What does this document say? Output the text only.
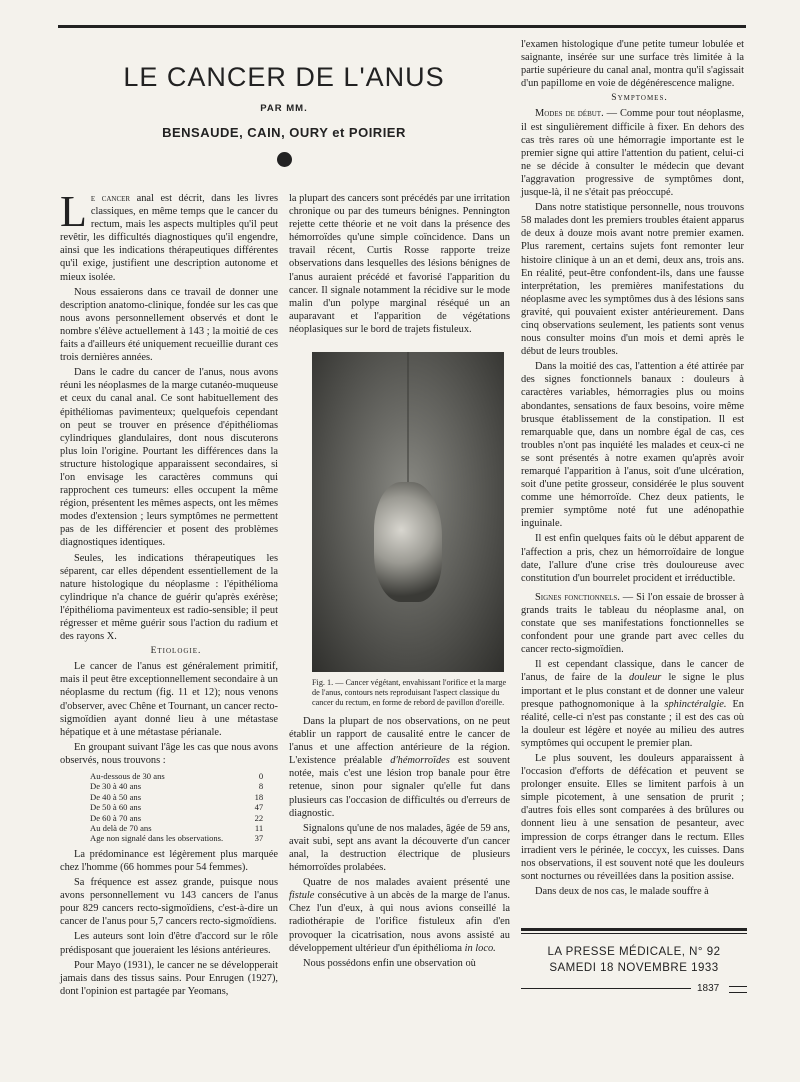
LE CANCER DE L'ANUS
PAR MM.
BENSAUDE, CAIN, OURY et POIRIER

Le cancer anal est décrit, dans les livres classiques, en même temps que le cancer du rectum, mais les aspects multiples qu'il peut revêtir, les difficultés diagnostiques qu'il engendre, ainsi que les indications thérapeutiques différentes qu'il exige, justifient une description autonome et mieux isolée.

Nous essaierons dans ce travail de donner une description anatomo-clinique, fondée sur les cas que nous avons personnellement observés et dont le nombre s'élève actuellement à 143 ; la moitié de ces faits a d'ailleurs été uniquement recueillie durant ces trois dernières années.

Dans le cadre du cancer de l'anus, nous avons réuni les néoplasmes de la marge cutanéo-muqueuse et ceux du canal anal. Ce sont habituellement des épithéliomas pavimenteux; quelquefois cependant on peut se trouver en présence d'épithéliomas cylindriques glandulaires, dont nous discuterons plus loin l'origine. Pourtant les différences dans la structure histologique apparaissent secondaires, si l'on envisage les caractères communs qui rapprochent ces tumeurs: elles occupent la même région, présentent les mêmes aspects, ont les mêmes modes d'extension ; leurs symptômes ne permettent pas de les différencier et posent des problèmes diagnostiques identiques.

Seules, les indications thérapeutiques les séparent, car elles dépendent essentiellement de la nature histologique du néoplasme : l'épithélioma cylindrique n'a chance de guérir qu'après exérèse; l'épithélioma pavimenteux est radio-sensible; il peut régresser et même guérir sous l'action du radium et des rayons X.

Etiologie.

Le cancer de l'anus est généralement primitif, mais il peut être exceptionnellement secondaire à un néoplasme du rectum (fig. 11 et 12); nous venons d'observer, avec Chêne et Tournant, un cancer recto-sigmoïdien ayant donné lieu à une métastase hépatique et à une métastase périanale.

En groupant suivant l'âge les cas que nous avons observés, nous trouvons :

Au-dessous de 30 ans	0
De 30 à 40 ans	8
De 40 à 50 ans	18
De 50 à 60 ans	47
De 60 à 70 ans	22
Au delà de 70 ans	11
Age non signalé dans les observations.	37

La prédominance est légèrement plus marquée chez l'homme (66 hommes pour 54 femmes).

Sa fréquence est assez grande, puisque nous avons personnellement vu 143 cancers de l'anus pour 829 cancers recto-sigmoïdiens, c'est-à-dire un cancer de l'anus pour 5,7 cancers recto-sigmoïdiens.

Les auteurs sont loin d'être d'accord sur le rôle prédisposant que joueraient les lésions antérieures.

Pour Mayo (1931), le cancer ne se développerait jamais dans des tissus sains. Pour Enrugen (1927), dont l'opinion est partagée par Yeomans,

la plupart des cancers sont précédés par une irritation chronique ou par des tumeurs bénignes. Pennington rejette cette théorie et ne voit dans la présence des hémorroïdes qu'une simple coïncidence. Dans un travail récent, Curtis Rosse rapporte treize observations dans lesquelles des lésions bénignes de l'anus auraient précédé et favorisé l'apparition du cancer. Il signale notamment la récidive sur le mode malin d'un polype marginal réséqué un an auparavant et l'apparition de végétations néoplasiques sur le bord de trajets fistuleux.

Fig. 1. — Cancer végétant, envahissant l'orifice et la marge de l'anus, contours nets reproduisant l'aspect classique du cancer du rectum, en forme de rebord de pavillon d'oreille.

Dans la plupart de nos observations, on ne peut établir un rapport de causalité entre le cancer de l'anus et une affection antérieure de la région. L'existence préalable d'hémorroïdes est souvent notée, mais c'est une lésion trop banale pour être retenue, sinon pour signaler qu'elle fut dans plusieurs cas l'occasion de difficultés ou d'erreurs de diagnostic.

Signalons qu'une de nos malades, âgée de 59 ans, avait subi, sept ans avant la découverte d'un cancer anal, la destruction électrique de plusieurs hémorroïdes prolabées.

Quatre de nos malades avaient présenté une fistule consécutive à un abcès de la marge de l'anus. Chez l'un d'eux, à qui nous avions conseillé la radiothérapie de l'orifice fistuleux afin d'en provoquer la cicatrisation, nous avons assisté au développement ultérieur d'un épithélioma in loco.

Nous possédons enfin une observation où

l'examen histologique d'une petite tumeur lobulée et saignante, insérée sur une surface très limitée à la partie supérieure du canal anal, montra qu'il s'agissait d'un papillome en voie de dégénérescence maligne.

Symptomes.

Modes de début. — Comme pour tout néoplasme, il est singulièrement difficile à fixer. En dehors des cas très rares où une hémorragie importante est le premier signe qui attire l'attention du patient, celui-ci ne se décide à consulter le médecin que devant l'aggravation progressive de symptômes dont, jusque-là, il ne s'était pas préoccupé.

Dans notre statistique personnelle, nous trouvons 58 malades dont les premiers troubles étaient apparus de deux à douze mois avant notre premier examen. Plus rarement, certains sujets font remonter leur histoire clinique à un an et demi, deux ans, trois ans. En réalité, peut-être confondent-ils, dans une fausse interprétation, les premières manifestations du néoplasme avec les symptômes dus à des lésions sans gravité, qui pouvaient exister antérieurement. Dans cinq observations seulement, les patients sont venus nous consulter moins d'un mois et demi après le début de leurs troubles.

Dans la moitié des cas, l'attention a été attirée par des signes fonctionnels banaux : douleurs à caractères variables, hémorragies plus ou moins abondantes, sensations de faux besoins, voire même brusque établissement de la constipation. Il est remarquable que, dans un nombre égal de cas, ces troubles n'ont pas inquiété les malades et ceux-ci ne se sont présentés à notre examen qu'après avoir remarqué l'apparition à l'anus, soit d'une ulcération, soit d'une petite grosseur, considérée le plus souvent comme une hémorroïde. Chez deux patients, le premier symptôme noté fut une adénopathie inguinale.

Il est enfin quelques faits où le début apparent de l'affection a pris, chez un hémorroïdaire de longue date, l'allure d'une crise très douloureuse avec constitution d'un bourrelet procident et irréductible.

Signes fonctionnels. — Si l'on essaie de brosser à grands traits le tableau du néoplasme anal, on constate que ses manifestations fonctionnelles se confondent pour une grande part avec celles du cancer recto-sigmoïdien.

Il est cependant classique, dans le cancer de l'anus, de faire de la douleur le signe le plus important et le plus constant et de donner une valeur presque pathognomonique à la sphinctéralgie. En réalité, celle-ci n'est pas constante ; il est des cas où la douleur est légère et noyée au milieu des autres symptômes qui occupent le premier plan.

Le plus souvent, les douleurs apparaissent à l'occasion d'efforts de défécation et peuvent se prolonger ensuite. Elles se limitent parfois à un simple picotement, à une sensation de prurit ; d'autres fois elles sont comparées à des brûlures ou donnent lieu à une sensation de pesanteur, avec impression de corps étranger dans le rectum. Elles irradient vers le périnée, le coccyx, les cuisses. Dans nos observations, il est souvent noté que les douleurs sont nocturnes ou réveillées dans la position assise.

Dans deux de nos cas, le malade souffre à

LA PRESSE MÉDICALE, N° 92
SAMEDI 18 NOVEMBRE 1933
1837
